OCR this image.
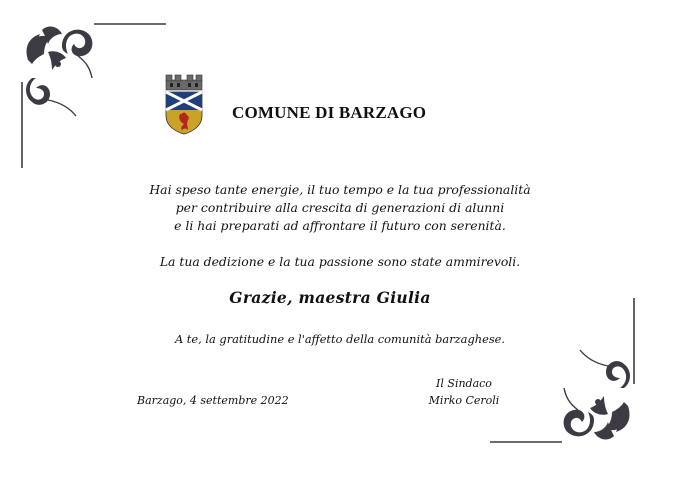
COMUNE DI BARZAGO
Hai speso tante energie, il tuo tempo e la tua professionalità
per contribuire alla crescita di generazioni di alunni
e li hai preparati ad affrontare il futuro con serenità.
La tua dedizione e la tua passione sono state ammirevoli.
Grazie, maestra Giulia
A te, la gratitudine e l'affetto della comunità barzaghese.
Il Sindaco
Mirko Ceroli
Barzago, 4 settembre 2022
